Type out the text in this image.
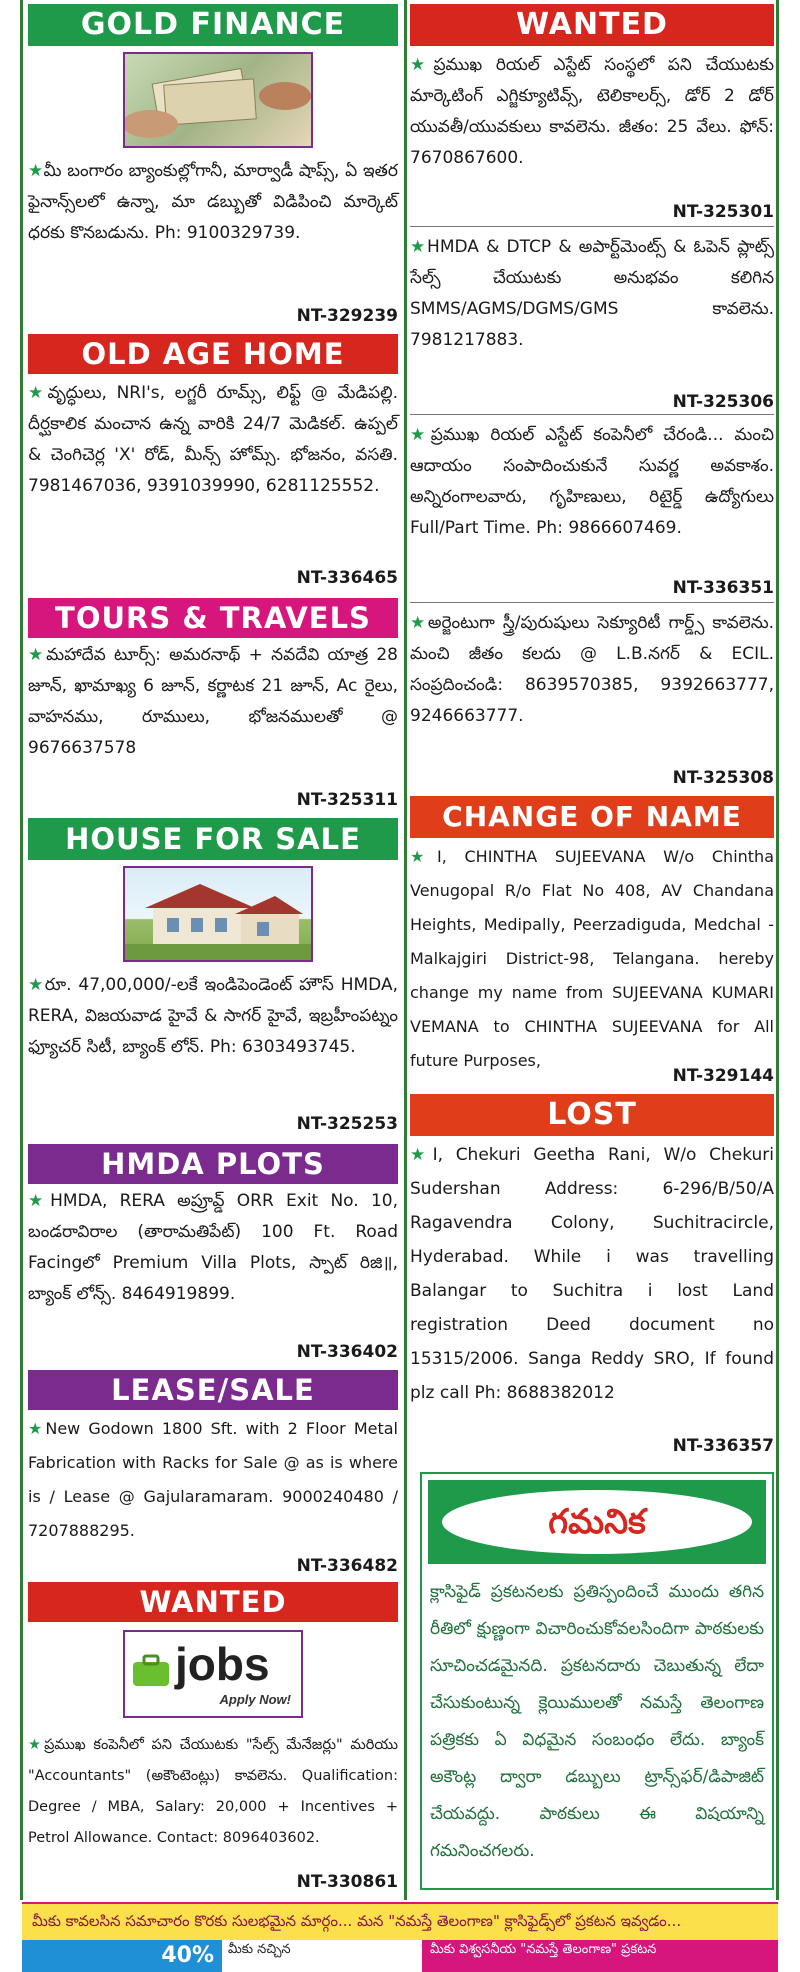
GOLD FINANCE
★మీ బంగారం బ్యాంకుల్లోగానీ, మార్వాడీ షాప్స్, ఏ ఇతర ఫైనాన్స్‌లలో ఉన్నా, మా డబ్బుతో విడిపించి మార్కెట్ ధరకు కొనబడును. Ph: 9100329739.
NT-329239
OLD AGE HOME
★వృద్ధులు, NRI's, లగ్జరీ రూమ్స్, లిఫ్ట్ @ మేడిపల్లి. దీర్ఘకాలిక మంచాన ఉన్న వారికి 24/7 మెడికల్. ఉప్పల్ & చెంగిచెర్ల 'X' రోడ్, మీన్స్ హోమ్స్. భోజనం, వసతి. 7981467036, 9391039990, 6281125552.
NT-336465
TOURS & TRAVELS
★మహాదేవ టూర్స్: అమరనాథ్ + నవదేవి యాత్ర 28 జూన్, ఖామాఖ్య 6 జూన్, కర్ణాటక 21 జూన్, Ac రైలు, వాహనము, రూములు, భోజనములతో @ 9676637578
NT-325311
HOUSE FOR SALE
★రూ. 47,00,000/-లకే ఇండిపెండెంట్ హౌస్ HMDA, RERA, విజయవాడ హైవే & సాగర్ హైవే, ఇబ్రహీంపట్నం ఫ్యూచర్ సిటీ, బ్యాంక్ లోన్. Ph: 6303493745.
NT-325253
HMDA PLOTS
★HMDA, RERA అప్రూవ్డ్ ORR Exit No. 10, బండరావిరాల (తారామతిపేట్) 100 Ft. Road Facingలో Premium Villa Plots, స్పాట్ రిజి॥, బ్యాంక్ లోన్స్. 8464919899.
NT-336402
LEASE/SALE
★New Godown 1800 Sft. with 2 Floor Metal Fabrication with Racks for Sale @ as is where is / Lease @ Gajularamaram. 9000240480 / 7207888295.
NT-336482
WANTED
jobs
Apply Now!
★ప్రముఖ కంపెనీలో పని చేయుటకు "సేల్స్ మేనేజర్లు" మరియు "Accountants" (అకౌంటెంట్లు) కావలెను. Qualification: Degree / MBA, Salary: 20,000 + Incentives + Petrol Allowance. Contact: 8096403602.
NT-330861
WANTED
★ప్రముఖ రియల్ ఎస్టేట్ సంస్థలో పని చేయుటకు మార్కెటింగ్ ఎగ్జిక్యూటివ్స్, టెలికాలర్స్, డోర్ 2 డోర్ యువతీ/యువకులు కావలెను. జీతం: 25 వేలు. ఫోన్: 7670867600.
NT-325301
★HMDA & DTCP & అపార్ట్‌మెంట్స్ & ఓపెన్ ప్లాట్స్ సేల్స్ చేయుటకు అనుభవం కలిగిన SMMS/AGMS/DGMS/GMS కావలెను. 7981217883.
NT-325306
★ప్రముఖ రియల్ ఎస్టేట్ కంపెనీలో చేరండి... మంచి ఆదాయం సంపాదించుకునే సువర్ణ అవకాశం. అన్నిరంగాలవారు, గృహిణులు, రిటైర్డ్ ఉద్యోగులు Full/Part Time. Ph: 9866607469.
NT-336351
★అర్జెంటుగా స్త్రీ/పురుషులు సెక్యూరిటీ గార్డ్స్ కావలెను. మంచి జీతం కలదు @ L.B.నగర్ & ECIL. సంప్రదించండి: 8639570385, 9392663777, 9246663777.
NT-325308
CHANGE OF NAME
★I, CHINTHA SUJEEVANA W/o Chintha Venugopal R/o Flat No 408, AV Chandana Heights, Medipally, Peerzadiguda, Medchal - Malkajgiri District-98, Telangana. hereby change my name from SUJEEVANA KUMARI VEMANA to CHINTHA SUJEEVANA for All future Purposes,
NT-329144
LOST
★I, Chekuri Geetha Rani, W/o Chekuri Sudershan Address: 6-296/B/50/A Ragavendra Colony, Suchitracircle, Hyderabad. While i was travelling Balangar to Suchitra i lost Land registration Deed document no 15315/2006. Sanga Reddy SRO, If found plz call Ph: 8688382012
NT-336357
గమనిక
క్లాసిఫైడ్ ప్రకటనలకు ప్రతిస్పందించే ముందు తగిన రీతిలో క్షుణ్ణంగా విచారించుకోవలసిందిగా పాఠకులకు సూచించడమైనది. ప్రకటనదారు చెబుతున్న లేదా చేసుకుంటున్న క్లెయిములతో నమస్తే తెలంగాణ పత్రికకు ఏ విధమైన సంబంధం లేదు. బ్యాంక్ అకౌంట్ల ద్వారా డబ్బులు ట్రాన్స్‌ఫర్/డిపాజిట్ చేయవద్దు. పాఠకులు ఈ విషయాన్ని గమనించగలరు.
మీకు కావలసిన సమాచారం కొరకు సులభమైన మార్గం... మన "నమస్తే తెలంగాణ" క్లాసిఫైడ్స్‌లో ప్రకటన ఇవ్వడం...
40%	మీకు నచ్చిన	మీకు విశ్వసనీయ "నమస్తే తెలంగాణ" ప్రకటన
